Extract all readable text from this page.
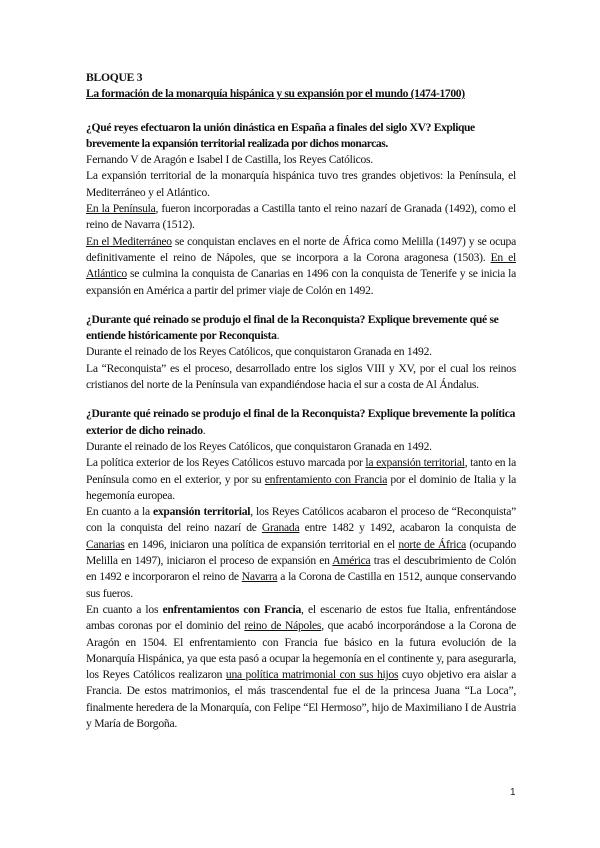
BLOQUE 3

La formación de la monarquía hispánica y su expansión por el mundo (1474-1700)

¿Qué reyes efectuaron la unión dinástica en España a finales del siglo XV? Explique brevemente la expansión territorial realizada por dichos monarcas.

Fernando V de Aragón e Isabel I de Castilla, los Reyes Católicos.

La expansión territorial de la monarquía hispánica tuvo tres grandes objetivos: la Península, el Mediterráneo y el Atlántico.

En la Península, fueron incorporadas a Castilla tanto el reino nazarí de Granada (1492), como el reino de Navarra (1512).

En el Mediterráneo se conquistan enclaves en el norte de África como Melilla (1497) y se ocupa definitivamente el reino de Nápoles, que se incorpora a la Corona aragonesa (1503). En el Atlántico se culmina la conquista de Canarias en 1496 con la conquista de Tenerife y se inicia la expansión en América a partir del primer viaje de Colón en 1492.

¿Durante qué reinado se produjo el final de la Reconquista? Explique brevemente qué se entiende históricamente por Reconquista.

Durante el reinado de los Reyes Católicos, que conquistaron Granada en 1492.

La “Reconquista” es el proceso, desarrollado entre los siglos VIII y XV, por el cual los reinos cristianos del norte de la Península van expandiéndose hacia el sur a costa de Al Ándalus.

¿Durante qué reinado se produjo el final de la Reconquista? Explique brevemente la política exterior de dicho reinado.

Durante el reinado de los Reyes Católicos, que conquistaron Granada en 1492.

La política exterior de los Reyes Católicos estuvo marcada por la expansión territorial, tanto en la Península como en el exterior, y por su enfrentamiento con Francia por el dominio de Italia y la hegemonía europea.

En cuanto a la expansión territorial, los Reyes Católicos acabaron el proceso de “Reconquista” con la conquista del reino nazarí de Granada entre 1482 y 1492, acabaron la conquista de Canarias en 1496, iniciaron una política de expansión territorial en el norte de África (ocupando Melilla en 1497), iniciaron el proceso de expansión en América tras el descubrimiento de Colón en 1492 e incorporaron el reino de Navarra a la Corona de Castilla en 1512, aunque conservando sus fueros.

En cuanto a los enfrentamientos con Francia, el escenario de estos fue Italia, enfrentándose ambas coronas por el dominio del reino de Nápoles, que acabó incorporándose a la Corona de Aragón en 1504. El enfrentamiento con Francia fue básico en la futura evolución de la Monarquía Hispánica, ya que esta pasó a ocupar la hegemonía en el continente y, para asegurarla, los Reyes Católicos realizaron una política matrimonial con sus hijos cuyo objetivo era aislar a Francia. De estos matrimonios, el más trascendental fue el de la princesa Juana “La Loca”, finalmente heredera de la Monarquía, con Felipe “El Hermoso”, hijo de Maximiliano I de Austria y María de Borgoña.

1
